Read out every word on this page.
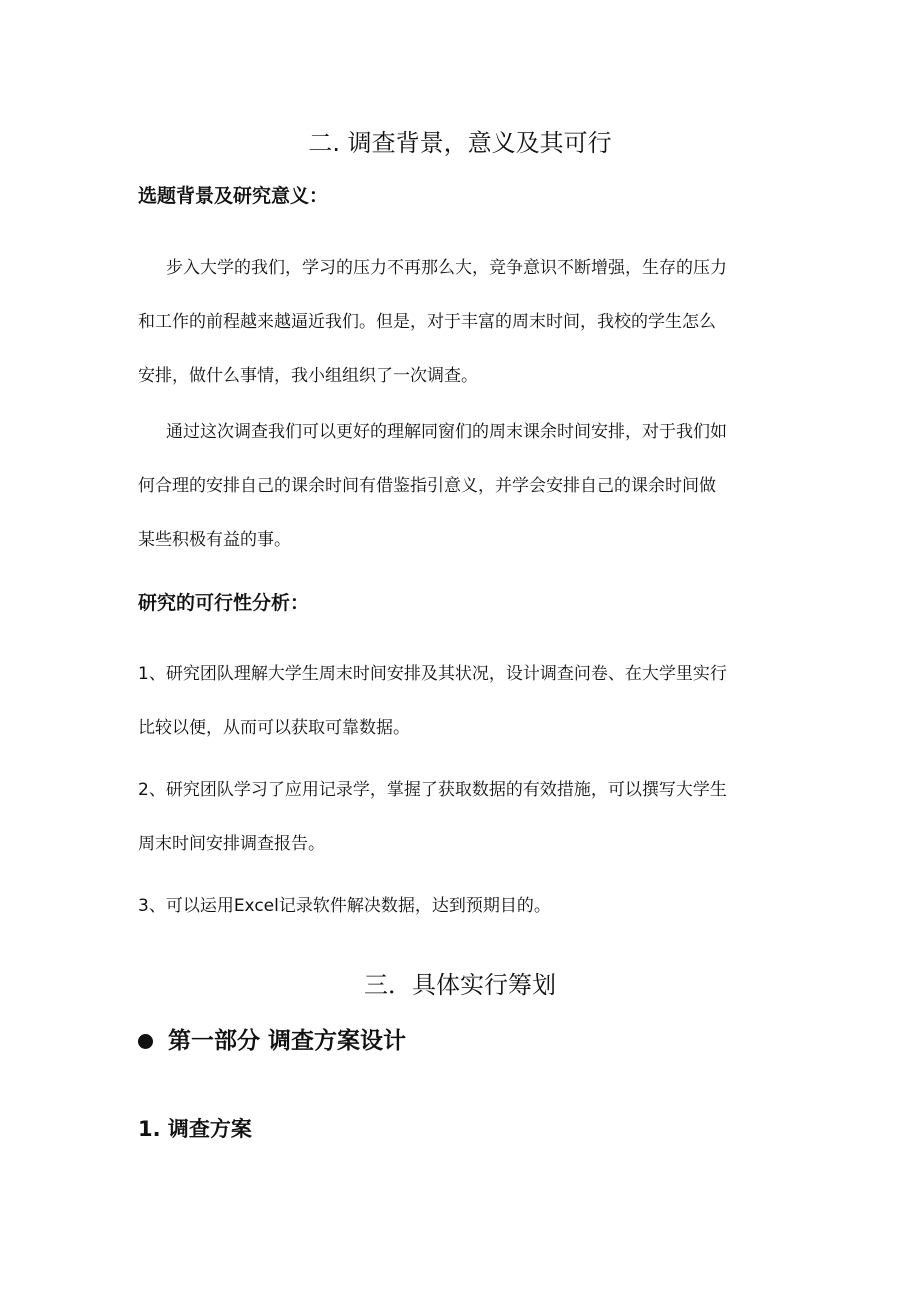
二. 调查背景，意义及其可行
选题背景及研究意义：
步入大学的我们，学习的压力不再那么大，竞争意识不断增强，生存的压力
和工作的前程越来越逼近我们。但是，对于丰富的周末时间，我校的学生怎么
安排，做什么事情，我小组组织了一次调查。
通过这次调查我们可以更好的理解同窗们的周末课余时间安排，对于我们如
何合理的安排自己的课余时间有借鉴指引意义，并学会安排自己的课余时间做
某些积极有益的事。
研究的可行性分析：
1、研究团队理解大学生周末时间安排及其状况，设计调查问卷、在大学里实行
比较以便，从而可以获取可靠数据。
2、研究团队学习了应用记录学，掌握了获取数据的有效措施，可以撰写大学生
周末时间安排调查报告。
3、可以运用Excel记录软件解决数据，达到预期目的。
三．具体实行筹划
第一部分 调查方案设计
1. 调查方案
